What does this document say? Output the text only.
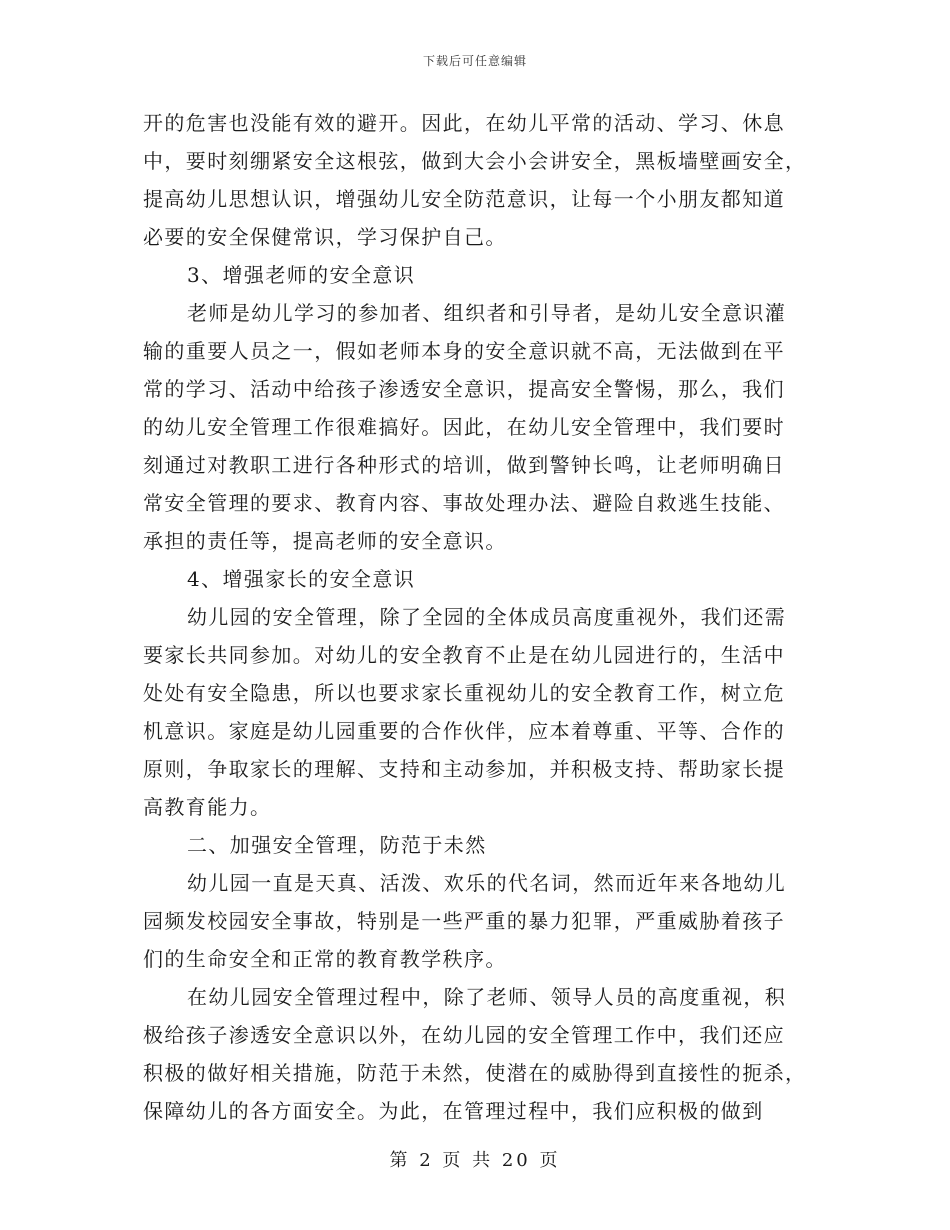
下载后可任意编辑
开的危害也没能有效的避开。因此，在幼儿平常的活动、学习、休息
中，要时刻绷紧安全这根弦，做到大会小会讲安全，黑板墙壁画安全，
提高幼儿思想认识，增强幼儿安全防范意识，让每一个小朋友都知道
必要的安全保健常识，学习保护自己。
3、增强老师的安全意识
老师是幼儿学习的参加者、组织者和引导者，是幼儿安全意识灌
输的重要人员之一，假如老师本身的安全意识就不高，无法做到在平
常的学习、活动中给孩子渗透安全意识，提高安全警惕，那么，我们
的幼儿安全管理工作很难搞好。因此，在幼儿安全管理中，我们要时
刻通过对教职工进行各种形式的培训，做到警钟长鸣，让老师明确日
常安全管理的要求、教育内容、事故处理办法、避险自救逃生技能、
承担的责任等，提高老师的安全意识。
4、增强家长的安全意识
幼儿园的安全管理，除了全园的全体成员高度重视外，我们还需
要家长共同参加。对幼儿的安全教育不止是在幼儿园进行的，生活中
处处有安全隐患，所以也要求家长重视幼儿的安全教育工作，树立危
机意识。家庭是幼儿园重要的合作伙伴，应本着尊重、平等、合作的
原则，争取家长的理解、支持和主动参加，并积极支持、帮助家长提
高教育能力。
二、加强安全管理，防范于未然
幼儿园一直是天真、活泼、欢乐的代名词，然而近年来各地幼儿
园频发校园安全事故，特别是一些严重的暴力犯罪，严重威胁着孩子
们的生命安全和正常的教育教学秩序。
在幼儿园安全管理过程中，除了老师、领导人员的高度重视，积
极给孩子渗透安全意识以外，在幼儿园的安全管理工作中，我们还应
积极的做好相关措施，防范于未然，使潜在的威胁得到直接性的扼杀，
保障幼儿的各方面安全。为此，在管理过程中，我们应积极的做到
第 2 页 共 20 页
